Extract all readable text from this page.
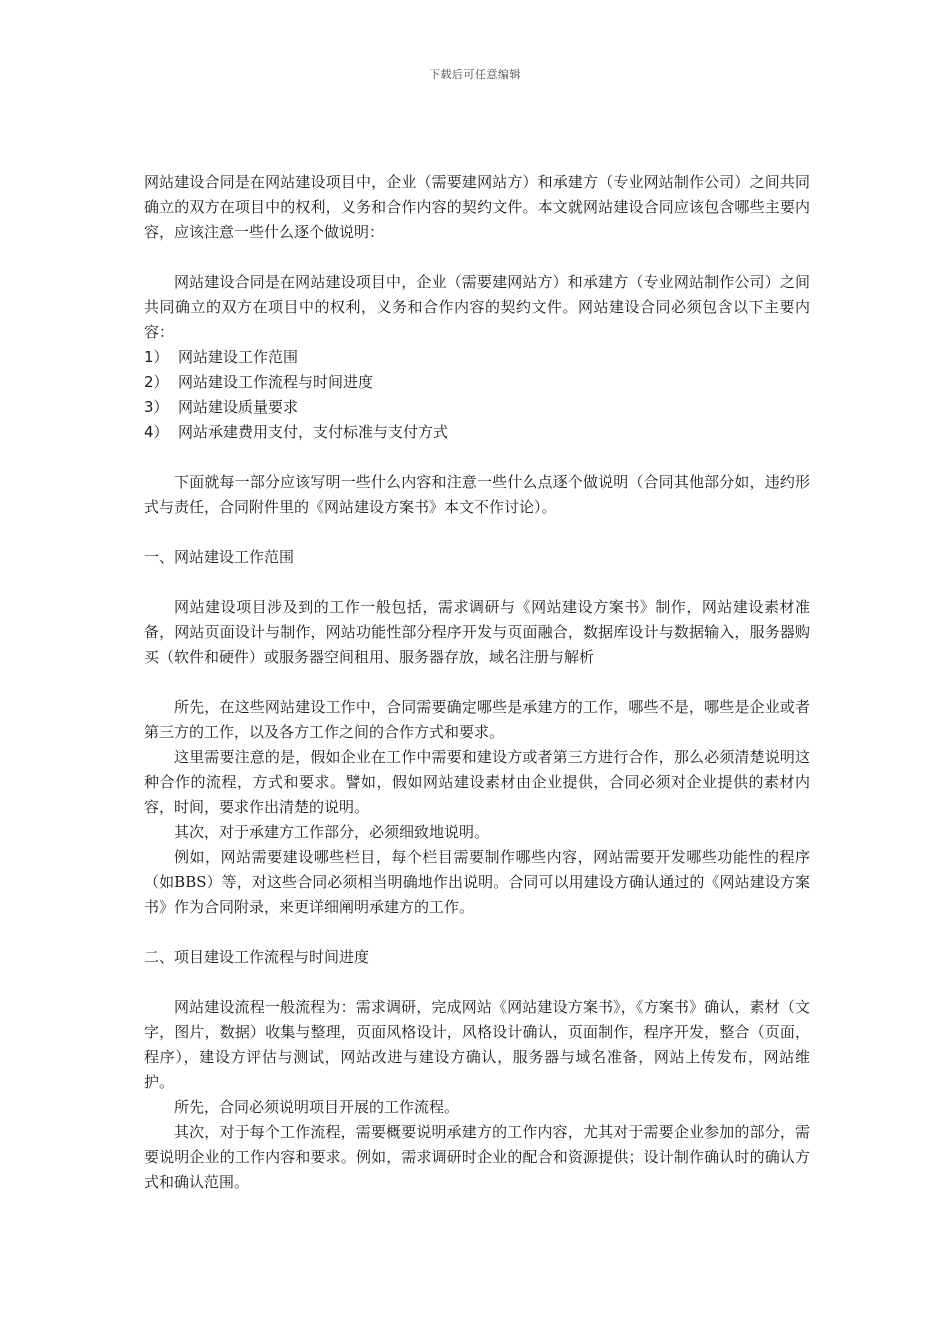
下载后可任意编辑

网站建设合同是在网站建设项目中，企业（需要建网站方）和承建方（专业网站制作公司）之间共同确立的双方在项目中的权利，义务和合作内容的契约文件。本文就网站建设合同应该包含哪些主要内容，应该注意一些什么逐个做说明：

网站建设合同是在网站建设项目中，企业（需要建网站方）和承建方（专业网站制作公司）之间共同确立的双方在项目中的权利，义务和合作内容的契约文件。网站建设合同必须包含以下主要内容：

1） 网站建设工作范围
2） 网站建设工作流程与时间进度
3） 网站建设质量要求
4） 网站承建费用支付，支付标准与支付方式

下面就每一部分应该写明一些什么内容和注意一些什么点逐个做说明（合同其他部分如，违约形式与责任，合同附件里的《网站建设方案书》本文不作讨论）。

一、网站建设工作范围

网站建设项目涉及到的工作一般包括，需求调研与《网站建设方案书》制作，网站建设素材准备，网站页面设计与制作，网站功能性部分程序开发与页面融合，数据库设计与数据输入，服务器购买（软件和硬件）或服务器空间租用、服务器存放，域名注册与解析

所先，在这些网站建设工作中，合同需要确定哪些是承建方的工作，哪些不是，哪些是企业或者第三方的工作，以及各方工作之间的合作方式和要求。

这里需要注意的是，假如企业在工作中需要和建设方或者第三方进行合作，那么必须清楚说明这种合作的流程，方式和要求。譬如，假如网站建设素材由企业提供，合同必须对企业提供的素材内容，时间，要求作出清楚的说明。

其次，对于承建方工作部分，必须细致地说明。

例如，网站需要建设哪些栏目，每个栏目需要制作哪些内容，网站需要开发哪些功能性的程序（如BBS）等，对这些合同必须相当明确地作出说明。合同可以用建设方确认通过的《网站建设方案书》作为合同附录，来更详细阐明承建方的工作。

二、项目建设工作流程与时间进度

网站建设流程一般流程为：需求调研，完成网站《网站建设方案书》，《方案书》确认，素材（文字，图片，数据）收集与整理，页面风格设计，风格设计确认，页面制作，程序开发，整合（页面，程序），建设方评估与测试，网站改进与建设方确认，服务器与域名准备，网站上传发布，网站维护。

所先，合同必须说明项目开展的工作流程。

其次，对于每个工作流程，需要概要说明承建方的工作内容，尤其对于需要企业参加的部分，需要说明企业的工作内容和要求。例如，需求调研时企业的配合和资源提供；设计制作确认时的确认方式和确认范围。
